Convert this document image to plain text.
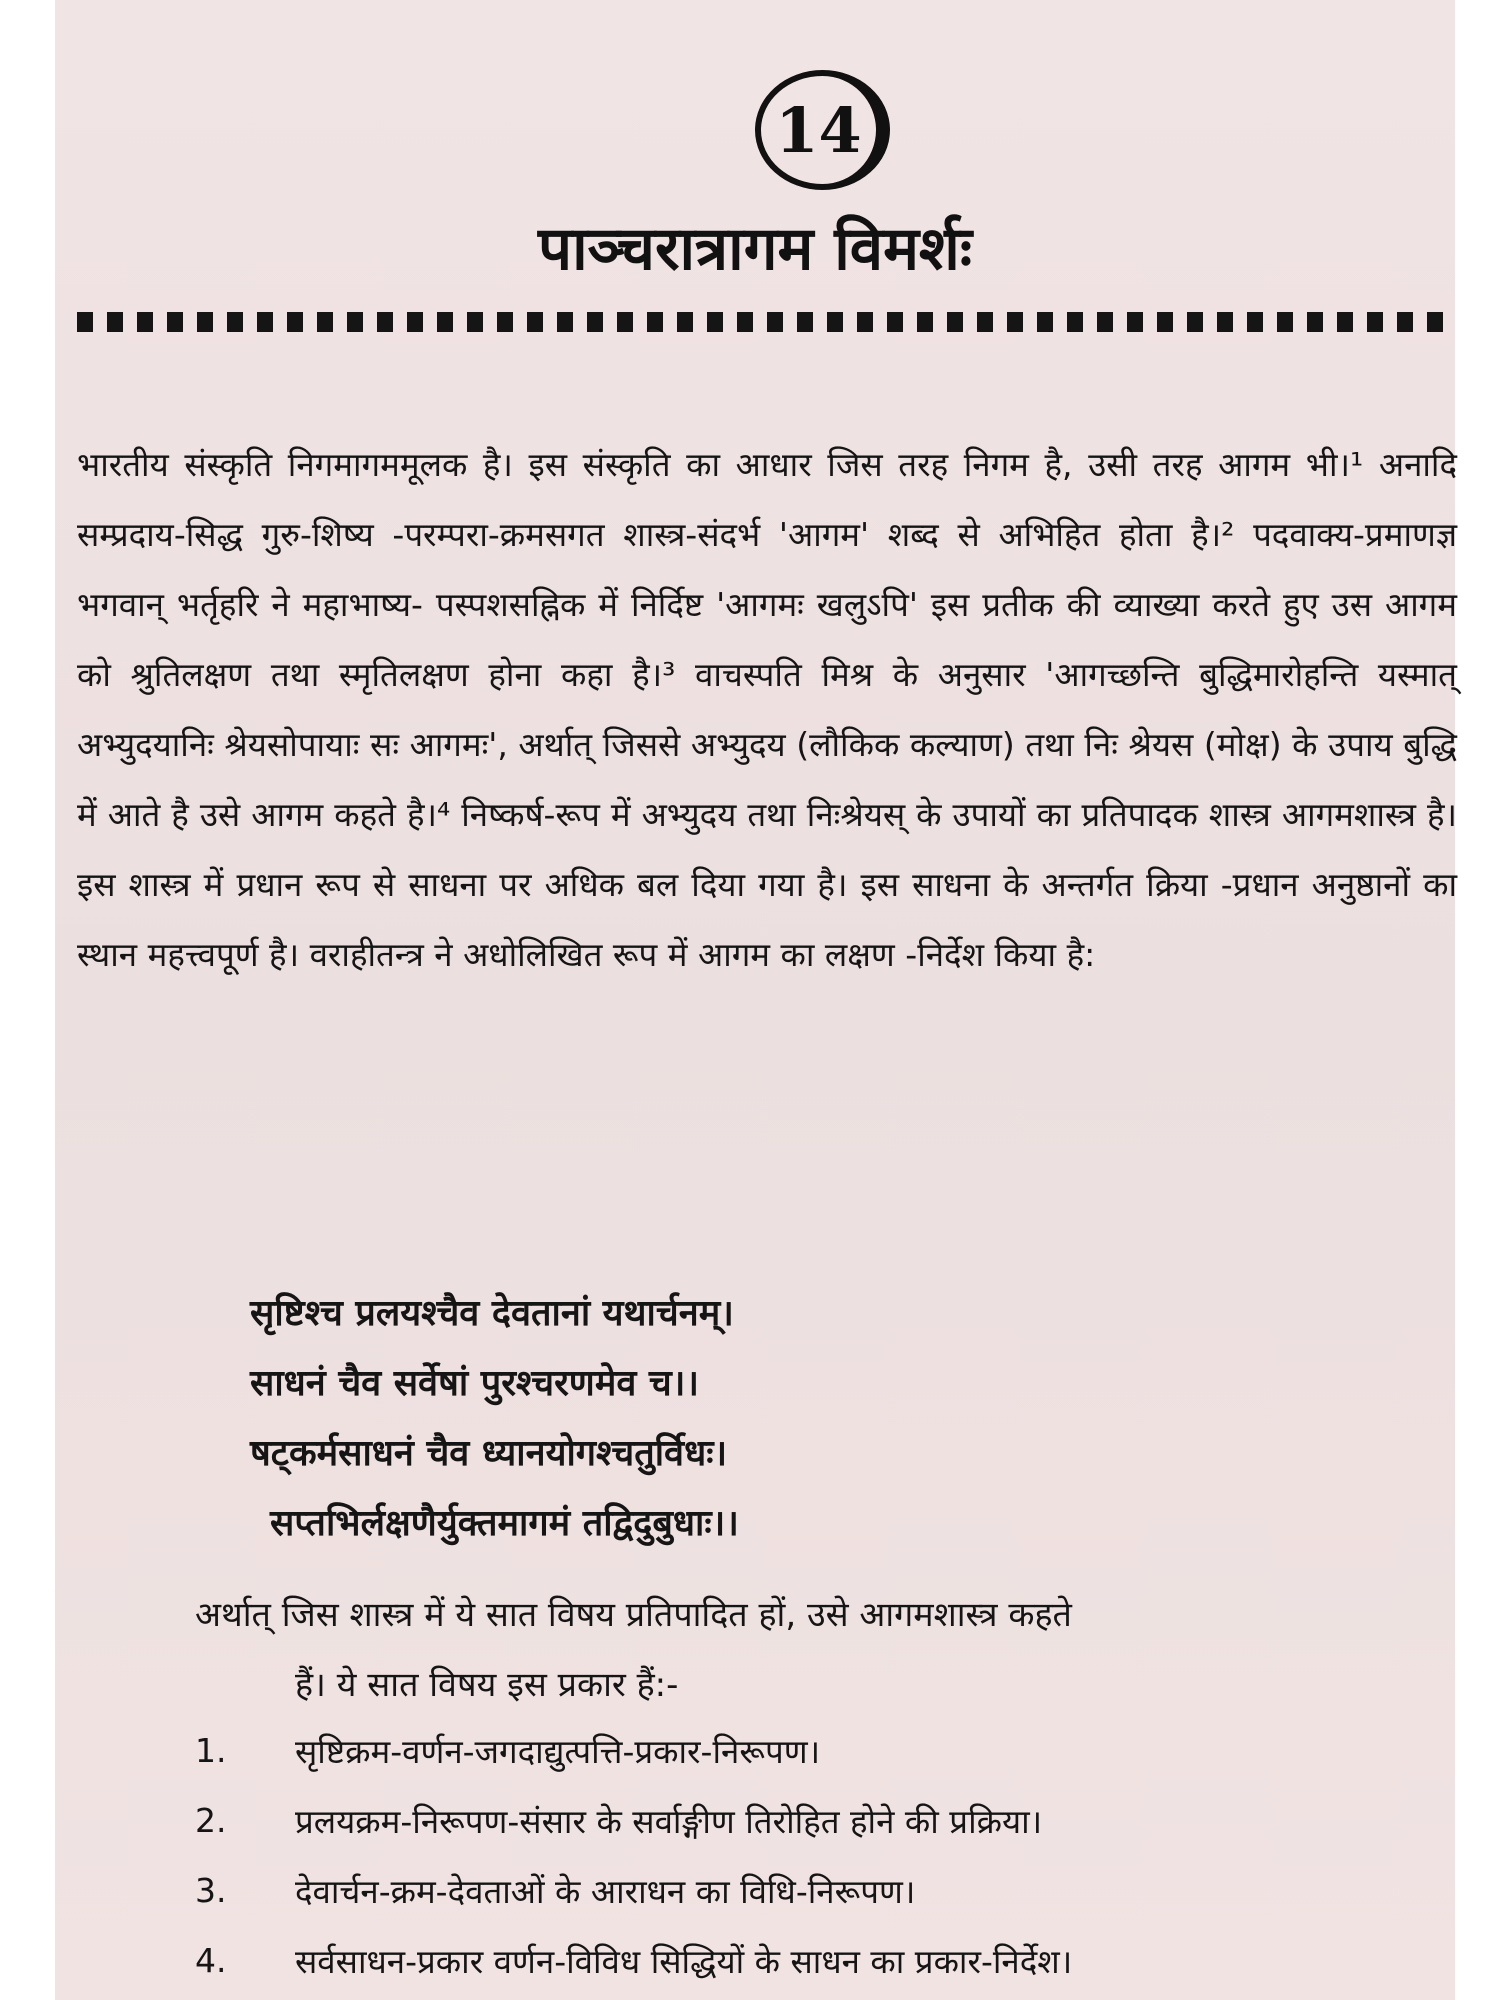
14
पाञ्चरात्रागम विमर्शः

भारतीय संस्कृति निगमागममूलक है। इस संस्कृति का आधार जिस तरह निगम है, उसी तरह आगम भी।¹ अनादि सम्प्रदाय-सिद्ध गुरु-शिष्य -परम्परा-क्रमसगत शास्त्र-संदर्भ 'आगम' शब्द से अभिहित होता है।² पदवाक्य-प्रमाणज्ञ भगवान् भर्तृहरि ने महाभाष्य- पस्पशसह्निक में निर्दिष्ट 'आगमः खलुऽपि' इस प्रतीक की व्याख्या करते हुए उस आगम को श्रुतिलक्षण तथा स्मृतिलक्षण होना कहा है।³ वाचस्पति मिश्र के अनुसार 'आगच्छन्ति बुद्धिमारोहन्ति यस्मात् अभ्युदयानिः श्रेयसोपायाः सः आगमः', अर्थात् जिससे अभ्युदय (लौकिक कल्याण) तथा निः श्रेयस (मोक्ष) के उपाय बुद्धि में आते है उसे आगम कहते है।⁴ निष्कर्ष-रूप में अभ्युदय तथा निःश्रेयस् के उपायों का प्रतिपादक शास्त्र आगमशास्त्र है। इस शास्त्र में प्रधान रूप से साधना पर अधिक बल दिया गया है। इस साधना के अन्तर्गत क्रिया -प्रधान अनुष्ठानों का स्थान महत्त्वपूर्ण है। वराहीतन्त्र ने अधोलिखित रूप में आगम का लक्षण -निर्देश किया है:

सृष्टिश्च प्रलयश्चैव देवतानां यथार्चनम्।

साधनं चैव सर्वेषां पुरश्चरणमेव च।।

षट्कर्मसाधनं चैव ध्यानयोगश्चतुर्विधः।

सप्तभिर्लक्षणैर्युक्तमागमं तद्विदुबुधाः।।

अर्थात् जिस शास्त्र में ये सात विषय प्रतिपादित हों, उसे आगमशास्त्र कहते
हैं। ये सात विषय इस प्रकार हैं:-

1.	सृष्टिक्रम-वर्णन-जगदाद्युत्पत्ति-प्रकार-निरूपण।
2.	प्रलयक्रम-निरूपण-संसार के सर्वाङ्गीण तिरोहित होने की प्रक्रिया।
3.	देवार्चन-क्रम-देवताओं के आराधन का विधि-निरूपण।
4.	सर्वसाधन-प्रकार वर्णन-विविध सिद्धियों के साधन का प्रकार-निर्देश।
